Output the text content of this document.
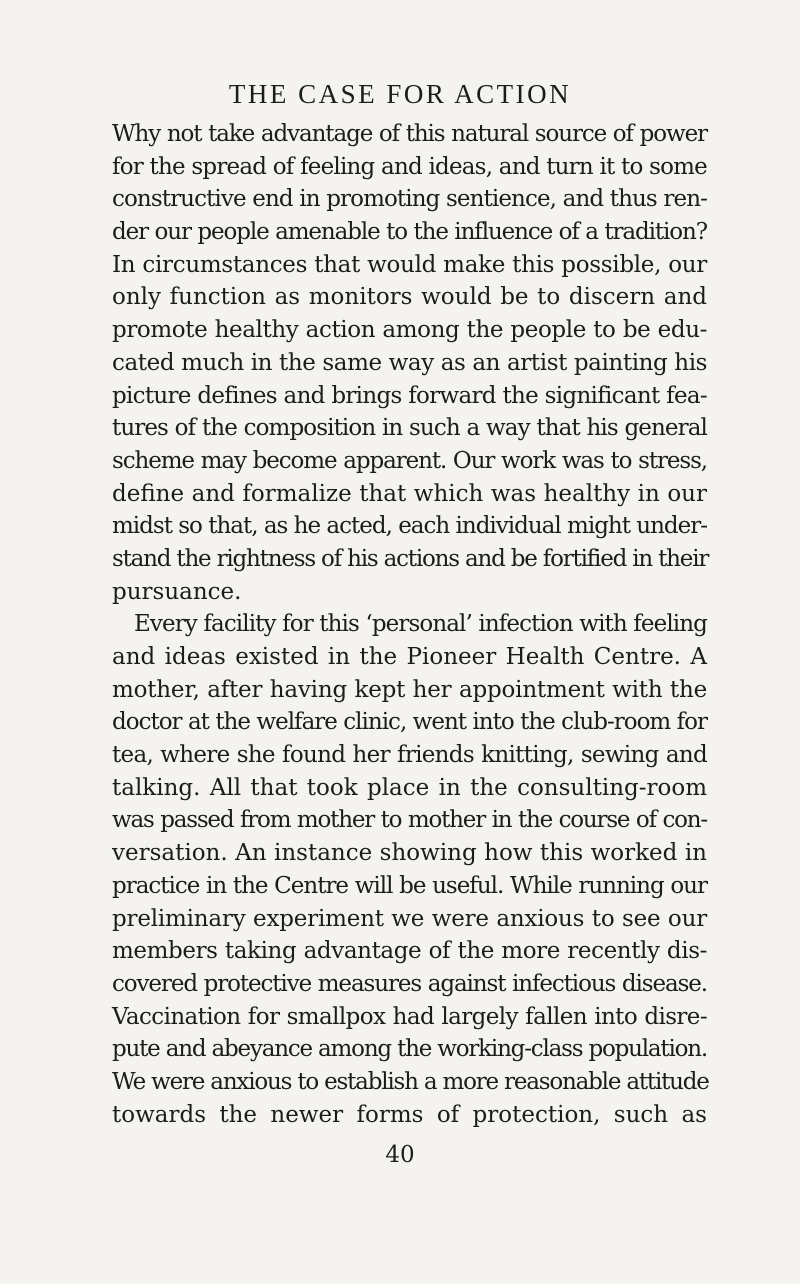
THE CASE FOR ACTION
Why not take advantage of this natural source of power
for the spread of feeling and ideas, and turn it to some
constructive end in promoting sentience, and thus ren-
der our people amenable to the influence of a tradition?
In circumstances that would make this possible, our
only function as monitors would be to discern and
promote healthy action among the people to be edu-
cated much in the same way as an artist painting his
picture defines and brings forward the significant fea-
tures of the composition in such a way that his general
scheme may become apparent. Our work was to stress,
define and formalize that which was healthy in our
midst so that, as he acted, each individual might under-
stand the rightness of his actions and be fortified in their
pursuance.
Every facility for this ‘personal’ infection with feeling
and ideas existed in the Pioneer Health Centre. A
mother, after having kept her appointment with the
doctor at the welfare clinic, went into the club-room for
tea, where she found her friends knitting, sewing and
talking. All that took place in the consulting-room
was passed from mother to mother in the course of con-
versation. An instance showing how this worked in
practice in the Centre will be useful. While running our
preliminary experiment we were anxious to see our
members taking advantage of the more recently dis-
covered protective measures against infectious disease.
Vaccination for smallpox had largely fallen into disre-
pute and abeyance among the working-class population.
We were anxious to establish a more reasonable attitude
towards the newer forms of protection, such as
40
